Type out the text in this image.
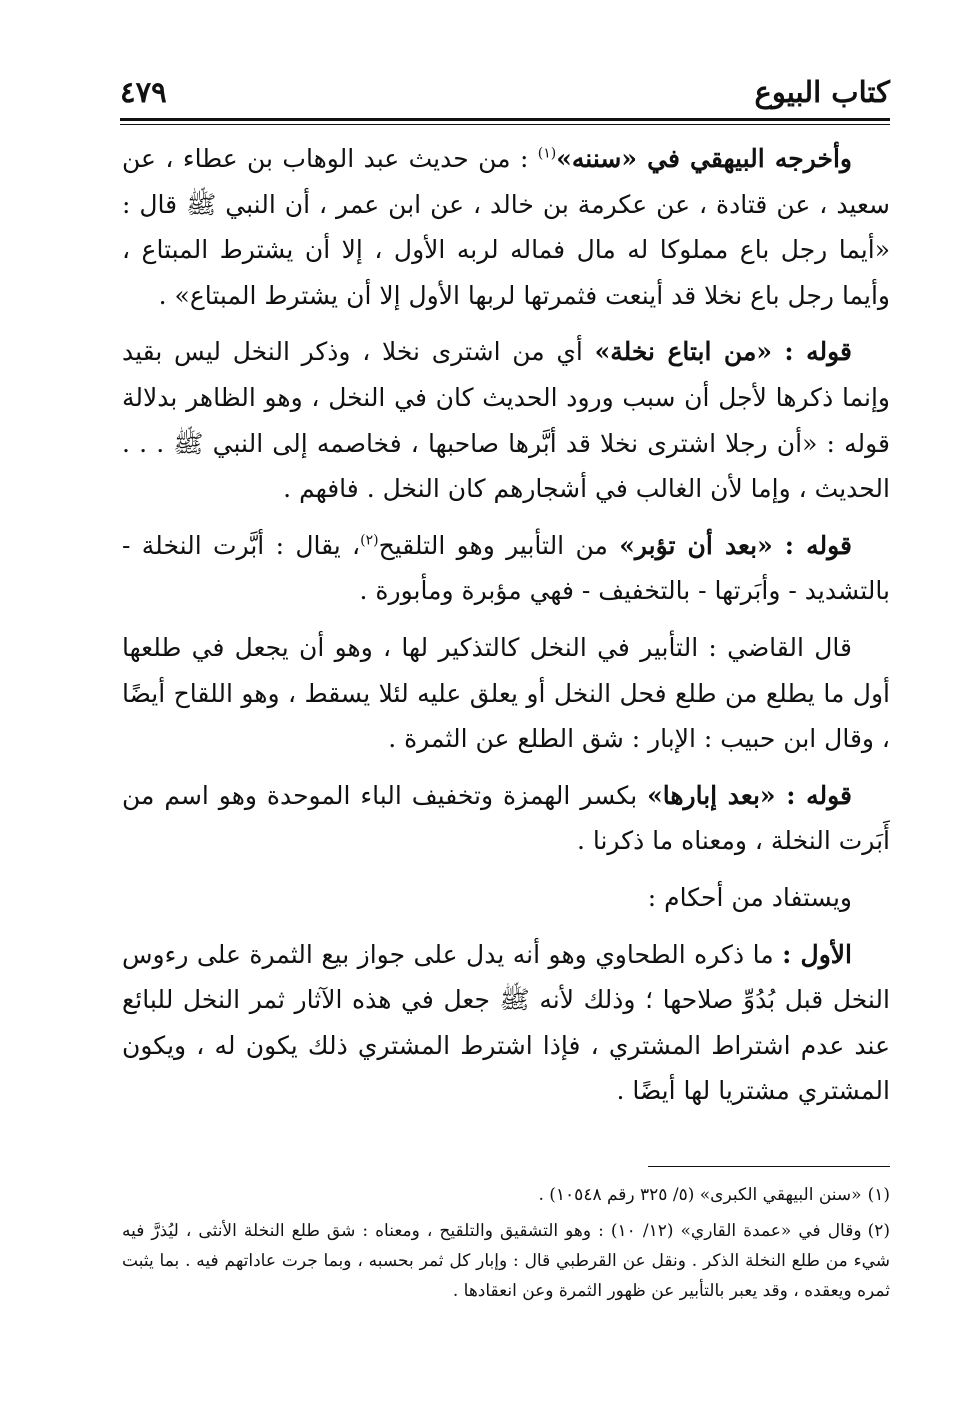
كتاب البيوع
٤٧٩

وأخرجه البيهقي في «سننه»$^{(١)}$ : من حديث عبد الوهاب بن عطاء ، عن سعيد ، عن قتادة ، عن عكرمة بن خالد ، عن ابن عمر ، أن النبي ﷺ قال : «أيما رجل باع مملوكا له مال فماله لربه الأول ، إلا أن يشترط المبتاع ، وأيما رجل باع نخلا قد أينعت فثمرتها لربها الأول إلا أن يشترط المبتاع» .

قوله : «من ابتاع نخلة» أي من اشترى نخلا ، وذكر النخل ليس بقيد وإنما ذكرها لأجل أن سبب ورود الحديث كان في النخل ، وهو الظاهر بدلالة قوله : «أن رجلا اشترى نخلا قد أبَّرها صاحبها ، فخاصمه إلى النبي ﷺ . . . الحديث ، وإما لأن الغالب في أشجارهم كان النخل . فافهم .

قوله : «بعد أن تؤبر» من التأبير وهو التلقيح$^{(٢)}$، يقال : أبَّرت النخلة - بالتشديد - وأبَرتها - بالتخفيف - فهي مؤبرة ومأبورة .

قال القاضي : التأبير في النخل كالتذكير لها ، وهو أن يجعل في طلعها أول ما يطلع من طلع فحل النخل أو يعلق عليه لئلا يسقط ، وهو اللقاح أيضًا ، وقال ابن حبيب : الإبار : شق الطلع عن الثمرة .

قوله : «بعد إبارها» بكسر الهمزة وتخفيف الباء الموحدة وهو اسم من أَبَرت النخلة ، ومعناه ما ذكرنا .

ويستفاد من أحكام :

الأول : ما ذكره الطحاوي وهو أنه يدل على جواز بيع الثمرة على رءوس النخل قبل بُدُوِّ صلاحها ؛ وذلك لأنه ﷺ جعل في هذه الآثار ثمر النخل للبائع عند عدم اشتراط المشتري ، فإذا اشترط المشتري ذلك يكون له ، ويكون المشتري مشتريا لها أيضًا .

(١)«سنن البيهقي الكبرى» (٥/ ٣٢٥ رقم ١٠٥٤٨) .

(٢)وقال في «عمدة القاري» (١٢/ ١٠) : وهو التشقيق والتلقيح ، ومعناه : شق طلع النخلة الأنثى ، ليُذرَّ فيه شيء من طلع النخلة الذكر . ونقل عن القرطبي قال : وإبار كل ثمر بحسبه ، وبما جرت عاداتهم فيه . بما يثبت ثمره ويعقده ، وقد يعبر بالتأبير عن ظهور الثمرة وعن انعقادها .
